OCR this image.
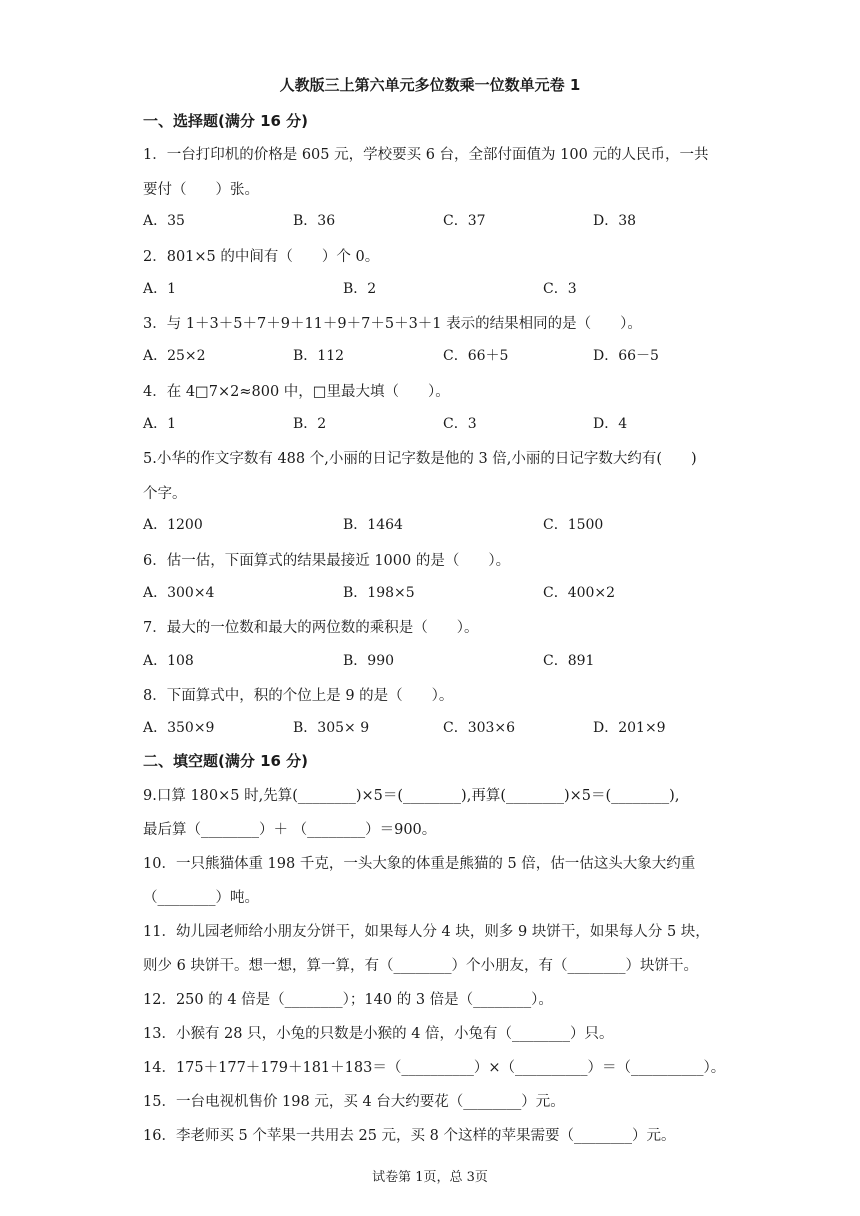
人教版三上第六单元多位数乘一位数单元卷 1
一、选择题(满分 16 分)
1．一台打印机的价格是 605 元，学校要买 6 台，全部付面值为 100 元的人民币，一共
要付（　　）张。
A．35	B．36	C．37	D．38
2．801×5 的中间有（　　）个 0。
A．1	B．2	C．3
3．与 1＋3＋5＋7＋9＋11＋9＋7＋5＋3＋1 表示的结果相同的是（　　）。
A．25×2	B．112	C．66＋5	D．66－5
4．在 4□7×2≈800 中，□里最大填（　　）。
A．1	B．2	C．3	D．4
5.小华的作文字数有 488 个,小丽的日记字数是他的 3 倍,小丽的日记字数大约有(　　)
个字。
A．1200	B．1464	C．1500
6．估一估，下面算式的结果最接近 1000 的是（　　）。
A．300×4	B．198×5	C．400×2
7．最大的一位数和最大的两位数的乘积是（　　）。
A．108	B．990	C．891
8．下面算式中，积的个位上是 9 的是（　　）。
A．350×9	B．305× 9	C．303×6	D．201×9
二、填空题(满分 16 分)
9.口算 180×5 时,先算(________)×5＝(________),再算(________)×5＝(________),
最后算（________）＋ （________）＝900。
10．一只熊猫体重 198 千克，一头大象的体重是熊猫的 5 倍，估一估这头大象大约重
（________）吨。
11．幼儿园老师给小朋友分饼干，如果每人分 4 块，则多 9 块饼干，如果每人分 5 块，
则少 6 块饼干。想一想，算一算，有（________）个小朋友，有（________）块饼干。
12．250 的 4 倍是（________）；140 的 3 倍是（________）。
13．小猴有 28 只，小兔的只数是小猴的 4 倍，小兔有（________）只。
14．175＋177＋179＋181＋183＝（__________）×（__________）＝（__________）。
15．一台电视机售价 198 元，买 4 台大约要花（________）元。
16．李老师买 5 个苹果一共用去 25 元，买 8 个这样的苹果需要（________）元。
试卷第 1页，总 3页
